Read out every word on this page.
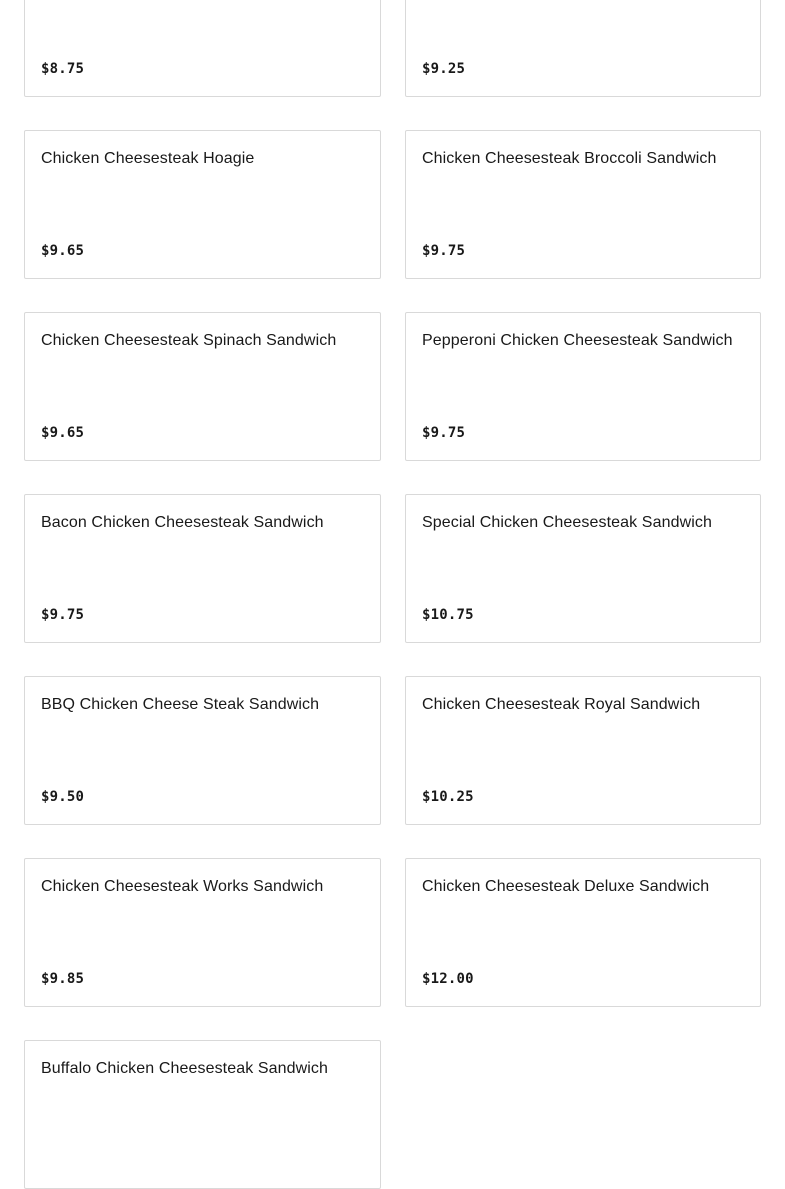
$8.75	$9.25
Chicken Cheesesteak Hoagie
$9.65
Chicken Cheesesteak Broccoli Sandwich
$9.75
Chicken Cheesesteak Spinach Sandwich
$9.65
Pepperoni Chicken Cheesesteak Sandwich
$9.75
Bacon Chicken Cheesesteak Sandwich
$9.75
Special Chicken Cheesesteak Sandwich
$10.75
BBQ Chicken Cheese Steak Sandwich
$9.50
Chicken Cheesesteak Royal Sandwich
$10.25
Chicken Cheesesteak Works Sandwich
$9.85
Chicken Cheesesteak Deluxe Sandwich
$12.00
Buffalo Chicken Cheesesteak Sandwich
